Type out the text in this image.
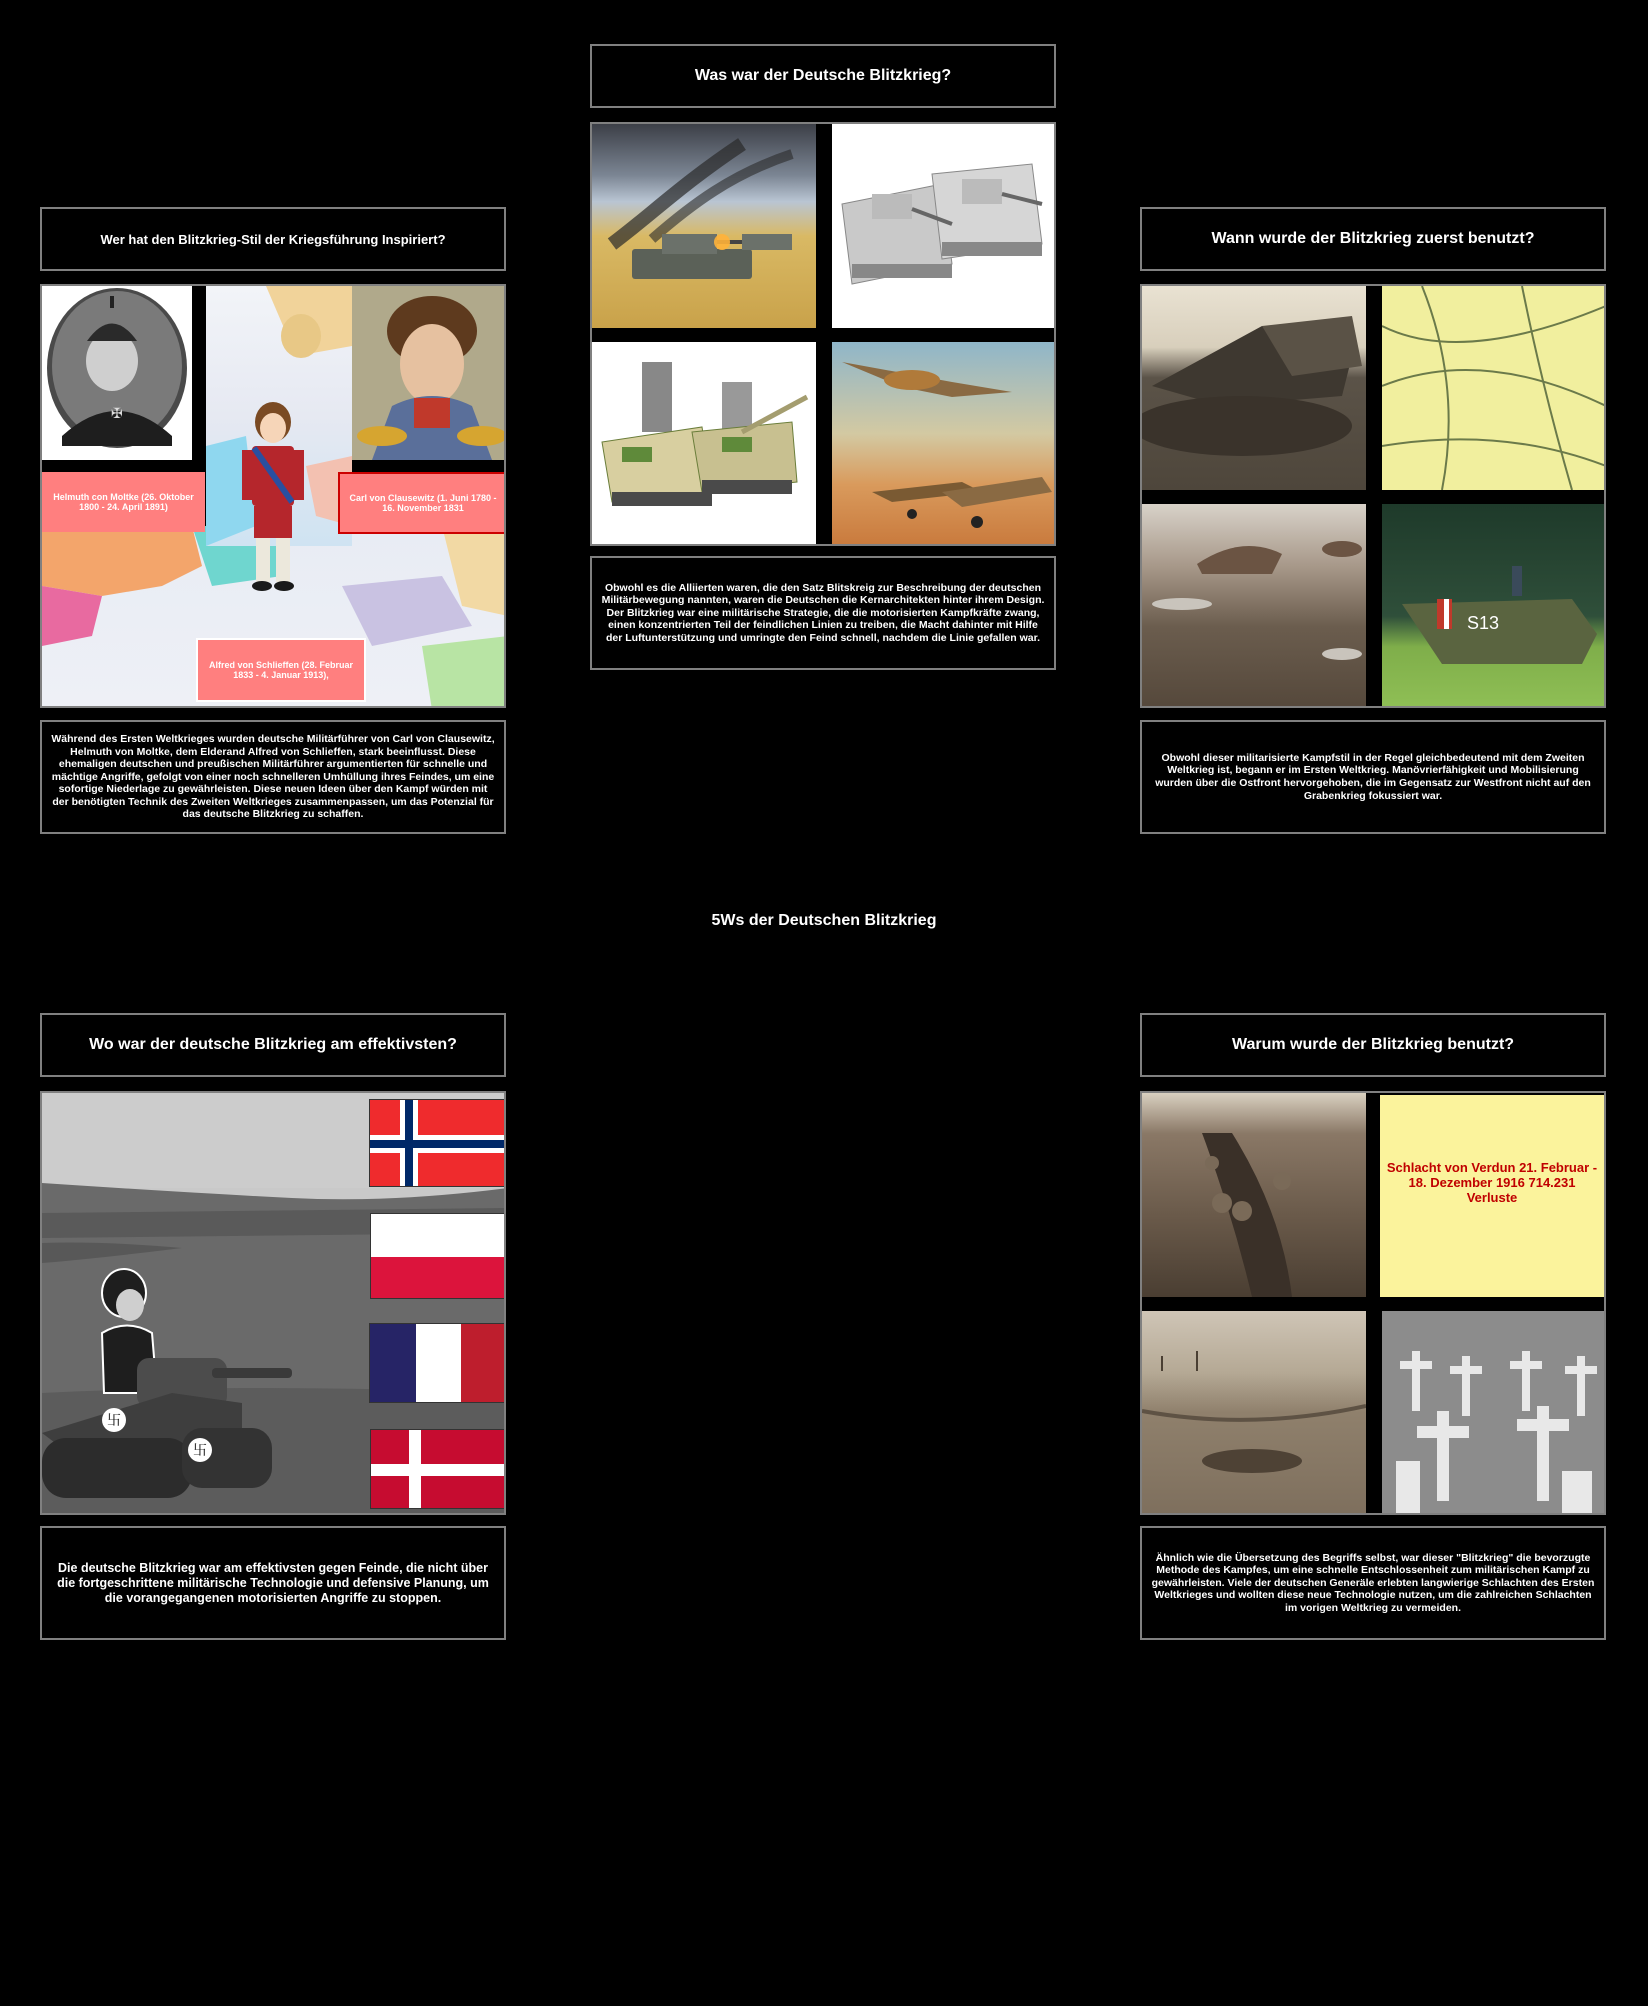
Was war der Deutsche Blitzkrieg?
Obwohl es die Alliierten waren, die den Satz Blitskreig zur Beschreibung der deutschen Militärbewegung nannten, waren die Deutschen die Kernarchitekten hinter ihrem Design. Der Blitzkrieg war eine militärische Strategie, die die motorisierten Kampfkräfte zwang, einen konzentrierten Teil der feindlichen Linien zu treiben, die Macht dahinter mit Hilfe der Luftunterstützung und umringte den Feind schnell, nachdem die Linie gefallen war.
Wer hat den Blitzkrieg-Stil der Kriegsführung Inspiriert?
✠
Helmuth con Moltke (26. Oktober 1800 - 24. April 1891)
Carl von Clausewitz (1. Juni 1780 - 16. November 1831
Alfred von Schlieffen (28. Februar 1833 - 4. Januar 1913),
Während des Ersten Weltkrieges wurden deutsche Militärführer von Carl von Clausewitz, Helmuth von Moltke, dem Elderand Alfred von Schlieffen, stark beeinflusst. Diese ehemaligen deutschen und preußischen Militärführer argumentierten für schnelle und mächtige Angriffe, gefolgt von einer noch schnelleren Umhüllung ihres Feindes, um eine sofortige Niederlage zu gewährleisten. Diese neuen Ideen über den Kampf würden mit der benötigten Technik des Zweiten Weltkrieges zusammenpassen, um das Potenzial für das deutsche Blitzkrieg zu schaffen.
Wann wurde der Blitzkrieg zuerst benutzt?
S13
Obwohl dieser militarisierte Kampfstil in der Regel gleichbedeutend mit dem Zweiten Weltkrieg ist, begann er im Ersten Weltkrieg. Manövrierfähigkeit und Mobilisierung wurden über die Ostfront hervorgehoben, die im Gegensatz zur Westfront nicht auf den Grabenkrieg fokussiert war.
5Ws der Deutschen Blitzkrieg
Wo war der deutsche Blitzkrieg am effektivsten?
卐
卐
Die deutsche Blitzkrieg war am effektivsten gegen Feinde, die nicht über die fortgeschrittene militärische Technologie und defensive Planung, um die vorangegangenen motorisierten Angriffe zu stoppen.
Warum wurde der Blitzkrieg benutzt?
Schlacht von Verdun 21. Februar - 18. Dezember 1916 714.231 Verluste
Ähnlich wie die Übersetzung des Begriffs selbst, war dieser "Blitzkrieg" die bevorzugte Methode des Kampfes, um eine schnelle Entschlossenheit zum militärischen Kampf zu gewährleisten. Viele der deutschen Generäle erlebten langwierige Schlachten des Ersten Weltkrieges und wollten diese neue Technologie nutzen, um die zahlreichen Schlachten im vorigen Weltkrieg zu vermeiden.
